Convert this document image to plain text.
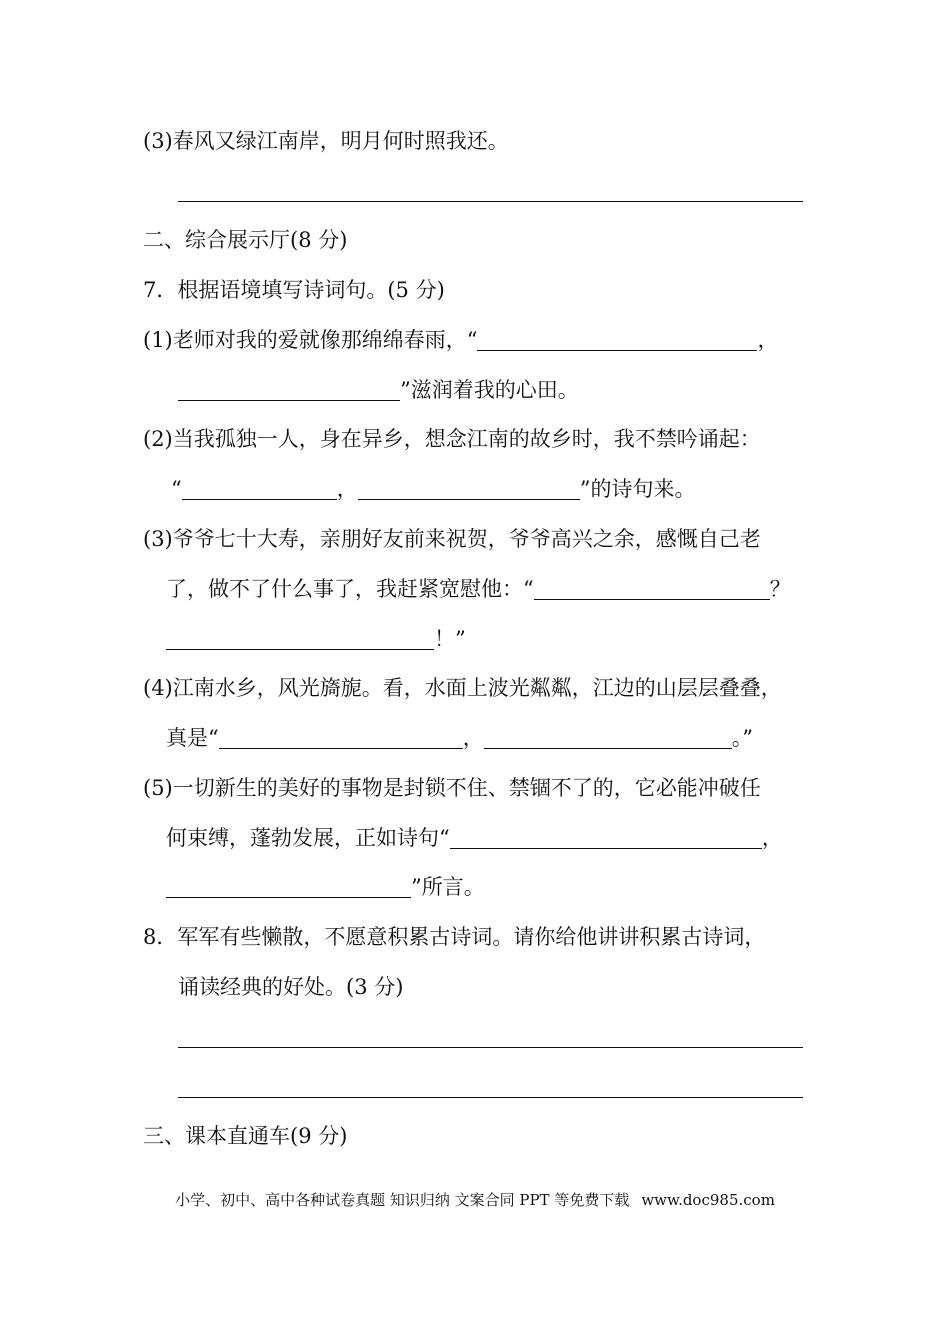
(3)春风又绿江南岸，明月何时照我还。
二、综合展示厅(8 分)
7．根据语境填写诗词句。(5 分)
(1)老师对我的爱就像那绵绵春雨，“	，
”滋润着我的心田。
(2)当我孤独一人，身在异乡，想念江南的故乡时，我不禁吟诵起：
“	，	”的诗句来。
(3)爷爷七十大寿，亲朋好友前来祝贺，爷爷高兴之余，感慨自己老
了，做不了什么事了，我赶紧宽慰他：“	？
！”
(4)江南水乡，风光旖旎。看，水面上波光粼粼，江边的山层层叠叠，
真是“	，	。”
(5)一切新生的美好的事物是封锁不住、禁锢不了的，它必能冲破任
何束缚，蓬勃发展，正如诗句“	，
”所言。
8．军军有些懒散，不愿意积累古诗词。请你给他讲讲积累古诗词，
诵读经典的好处。(3 分)
三、课本直通车(9 分)
小学、初中、高中各种试卷真题 知识归纳 文案合同 PPT 等免费下载 www.doc985.com
